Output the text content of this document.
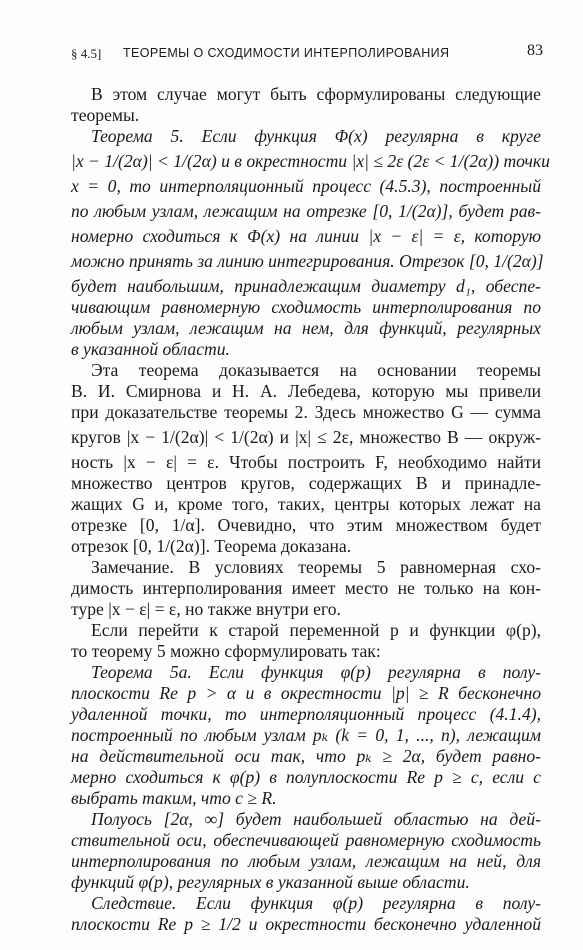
§ 4.5] ТЕОРЕМЫ О СХОДИМОСТИ ИНТЕРПОЛИРОВАНИЯ	83
В этом случае могут быть сформулированы следующие
теоремы.
Теорема 5. Если функция Φ(x) регулярна в круге
|x − 1/(2α)| < 1/(2α) и в окрестности |x| ≤ 2ε (2ε < 1/(2α)) точки
x = 0, то интерполяционный процесс (4.5.3), построенный
по любым узлам, лежащим на отрезке [0, 1/(2α)], будет рав-
номерно сходиться к Φ(x) на линии |x − ε| = ε, которую
можно принять за линию интегрирования. Отрезок [0, 1/(2α)]
будет наибольшим, принадлежащим диаметру d₁, обеспе-
чивающим равномерную сходимость интерполирования по
любым узлам, лежащим на нем, для функций, регулярных
в указанной области.
Эта теорема доказывается на основании теоремы
В. И. Смирнова и Н. А. Лебедева, которую мы привели
при доказательстве теоремы 2. Здесь множество G — сумма
кругов |x − 1/(2α)| < 1/(2α) и |x| ≤ 2ε, множество B — окруж-
ность |x − ε| = ε. Чтобы построить F, необходимо найти
множество центров кругов, содержащих B и принадле-
жащих G и, кроме того, таких, центры которых лежат на
отрезке [0, 1/α]. Очевидно, что этим множеством будет
отрезок [0, 1/(2α)]. Теорема доказана.
Замечание. В условиях теоремы 5 равномерная схо-
димость интерполирования имеет место не только на кон-
туре |x − ε| = ε, но также внутри его.
Если перейти к старой переменной p и функции φ(p),
то теорему 5 можно сформулировать так:
Теорема 5а. Если функция φ(p) регулярна в полу-
плоскости Re p > α и в окрестности |p| ≥ R бесконечно
удаленной точки, то интерполяционный процесс (4.1.4),
построенный по любым узлам pₖ (k = 0, 1, ..., n), лежащим
на действительной оси так, что pₖ ≥ 2α, будет равно-
мерно сходиться к φ(p) в полуплоскости Re p ≥ c, если c
выбрать таким, что c ≥ R.
Полуось [2α, ∞] будет наибольшей областью на дей-
ствительной оси, обеспечивающей равномерную сходимость
интерполирования по любым узлам, лежащим на ней, для
функций φ(p), регулярных в указанной выше области.
Следствие. Если функция φ(p) регулярна в полу-
плоскости Re p ≥ 1/2 и окрестности бесконечно удаленной
